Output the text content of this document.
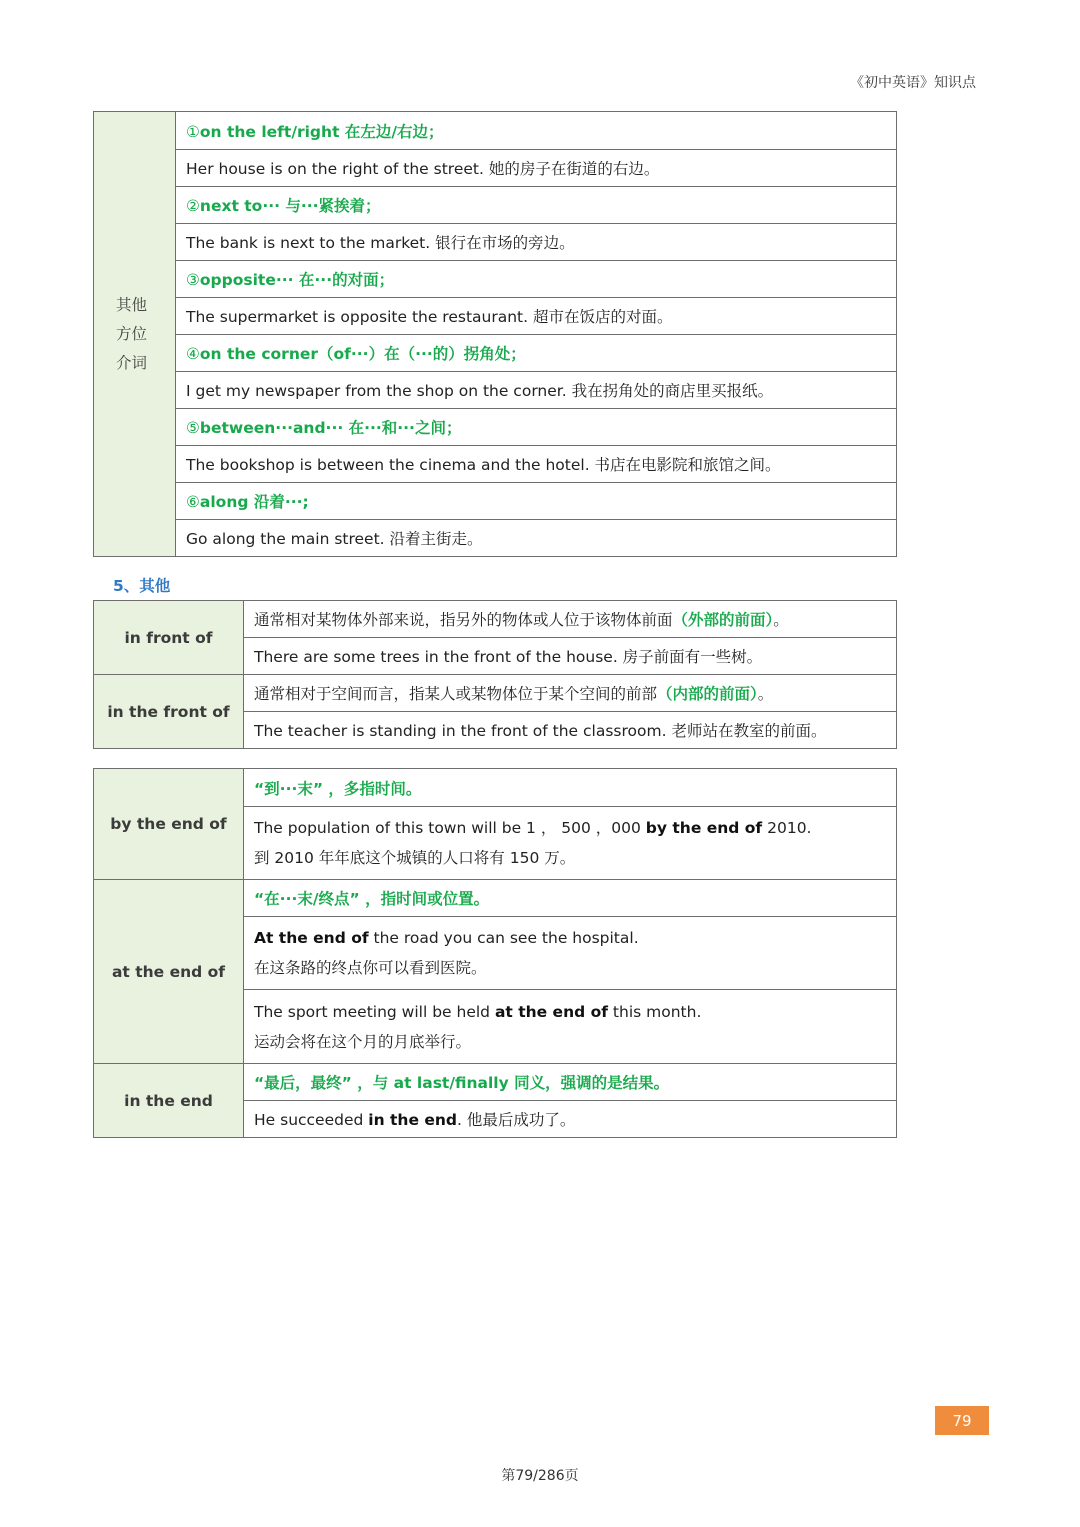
《初中英语》知识点
其他
方位
介词
	①on the left/right 在左边/右边；
Her house is on the right of the street. 她的房子在街道的右边。
②next to··· 与···紧挨着；
The bank is next to the market. 银行在市场的旁边。
③opposite··· 在···的对面；
The supermarket is opposite the restaurant. 超市在饭店的对面。
④on the corner（of···）在（···的）拐角处；
I get my newspaper from the shop on the corner. 我在拐角处的商店里买报纸。
⑤between···and··· 在···和···之间；
The bookshop is between the cinema and the hotel. 书店在电影院和旅馆之间。
⑥along 沿着···;
Go along the main street. 沿着主街走。
5、其他
in front of	通常相对某物体外部来说，指另外的物体或人位于该物体前面（外部的前面）。
	There are some trees in the front of the house. 房子前面有一些树。
in the front of	通常相对于空间而言，指某人或某物体位于某个空间的前部（内部的前面）。
	The teacher is standing in the front of the classroom. 老师站在教室的前面。
by the end of	“到···末” ，多指时间。

	The population of this town will be 1 ， 500 ，000 by the end of 2010.
到 2010 年年底这个城镇的人口将有 150 万。

at the end of	“在···末/终点” ，指时间或位置。

	At the end of the road you can see the hospital.
在这条路的终点你可以看到医院。

	The sport meeting will be held at the end of this month.
运动会将在这个月的月底举行。

in the end	“最后，最终” ，与 at last/finally 同义，强调的是结果。
	He succeeded in the end. 他最后成功了。
79
第79/286页
